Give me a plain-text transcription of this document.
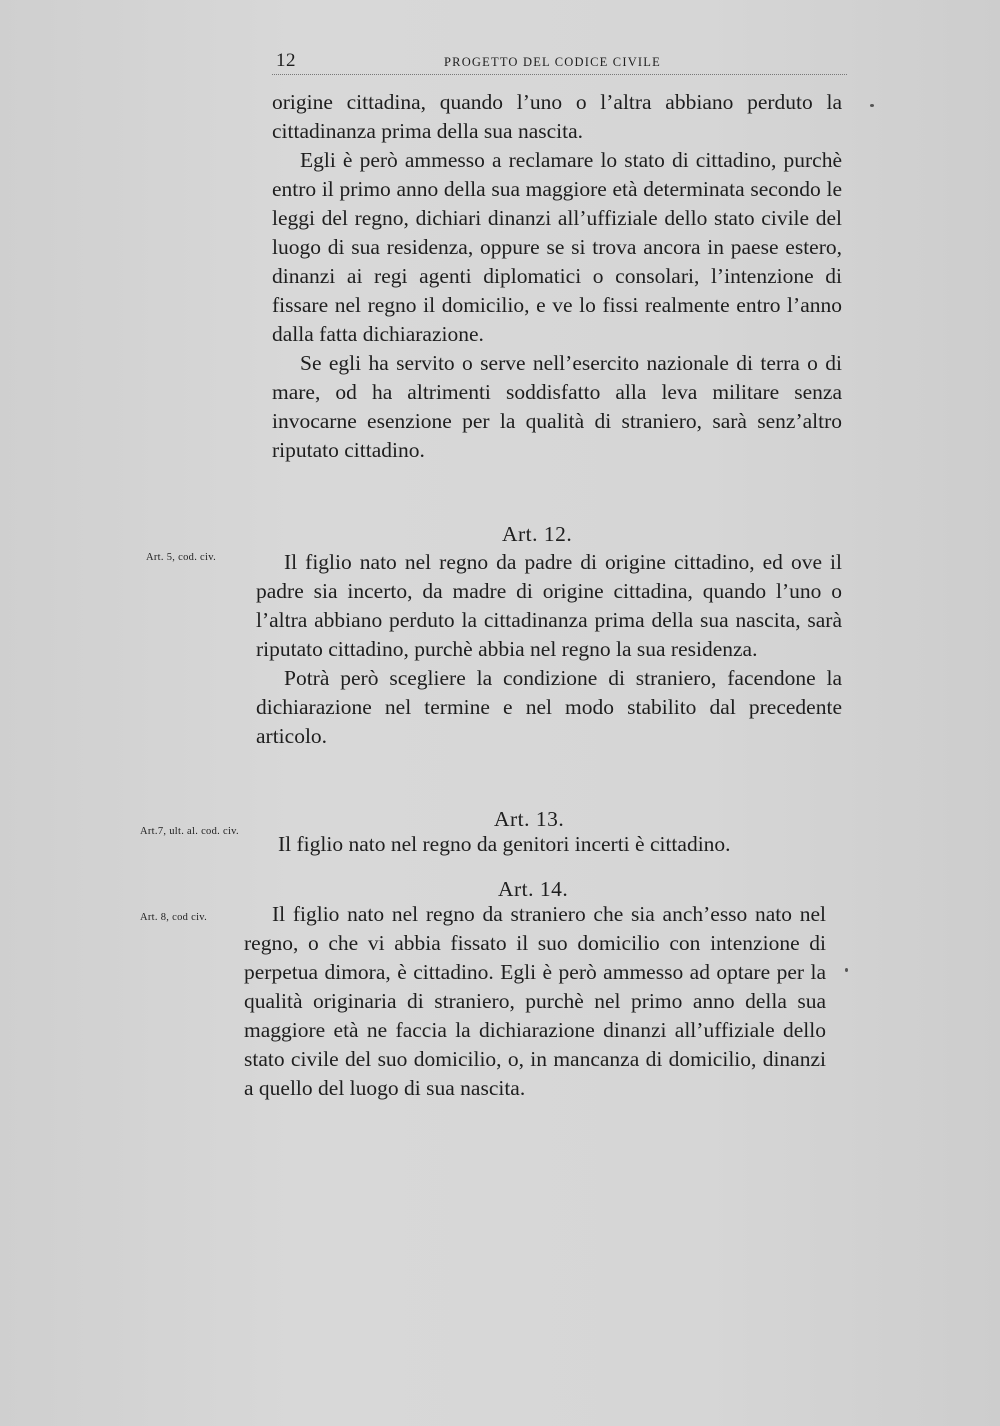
12	PROGETTO DEL CODICE CIVILE

origine cittadina, quando l’uno o l’altra abbiano perduto la cittadinanza prima della sua nascita.

Egli è però ammesso a reclamare lo stato di cittadino, purchè entro il primo anno della sua maggiore età determinata secondo le leggi del regno, dichiari dinanzi all’uffiziale dello stato civile del luogo di sua residenza, oppure se si trova ancora in paese estero, dinanzi ai regi agenti diplomatici o consolari, l’intenzione di fissare nel regno il domicilio, e ve lo fissi realmente entro l’anno dalla fatta dichiarazione.

Se egli ha servito o serve nell’esercito nazionale di terra o di mare, od ha altrimenti soddisfatto alla leva militare senza invocarne esenzione per la qualità di straniero, sarà senz’altro riputato cittadino.

Art. 12.
Art. 5, cod. civ.	Il figlio nato nel regno da padre di origine cittadino, ed ove il padre sia incerto, da madre di origine cittadina, quando l’uno o l’altra abbiano perduto la cittadinanza prima della sua nascita, sarà riputato cittadino, purchè abbia nel regno la sua residenza.

Potrà però scegliere la condizione di straniero, facendone la dichiarazione nel termine e nel modo stabilito dal precedente articolo.

Art. 13.
Art.7, ult. al. cod. civ.

Il figlio nato nel regno da genitori incerti è cittadino.

Art. 14.
Art. 8, cod civ.	Il figlio nato nel regno da straniero che sia anch’esso nato nel regno, o che vi abbia fissato il suo domicilio con intenzione di perpetua dimora, è cittadino. Egli è però ammesso ad optare per la qualità originaria di straniero, purchè nel primo anno della sua maggiore età ne faccia la dichiarazione dinanzi all’uffiziale dello stato civile del suo domicilio, o, in mancanza di domicilio, dinanzi a quello del luogo di sua nascita.
